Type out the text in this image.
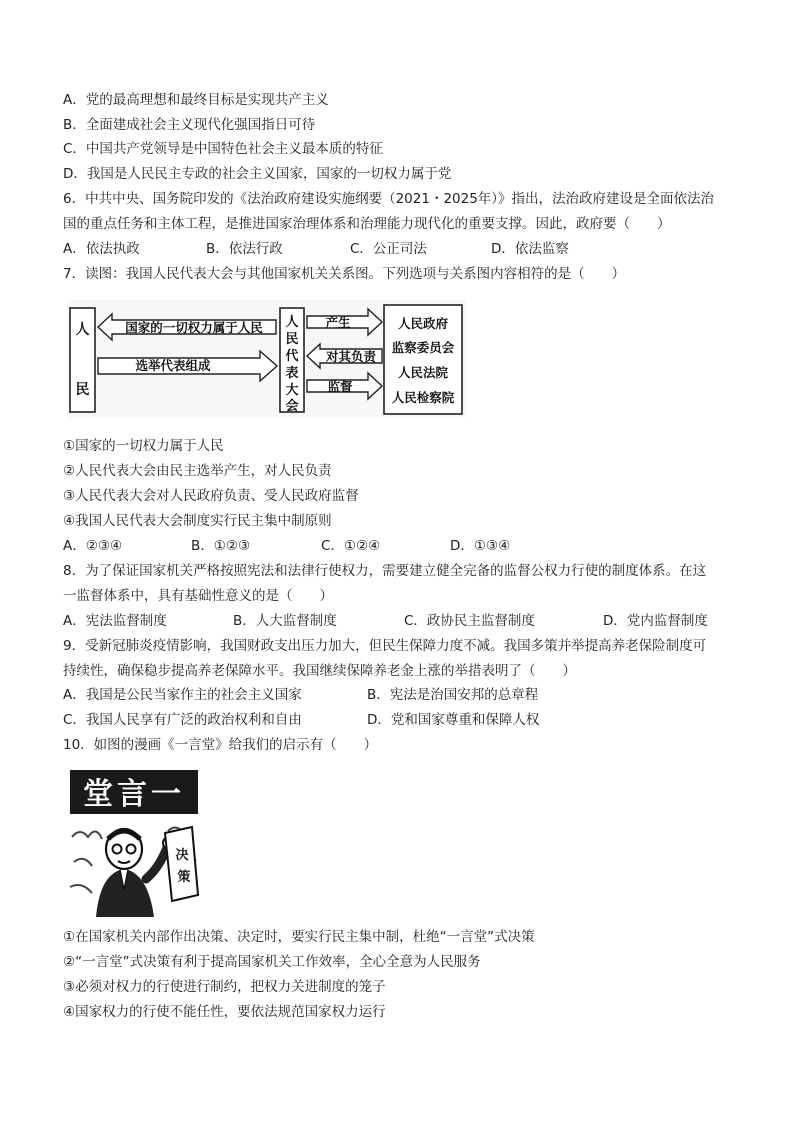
A．党的最高理想和最终目标是实现共产主义
B．全面建成社会主义现代化强国指日可待
C．中国共产党领导是中国特色社会主义最本质的特征
D．我国是人民民主专政的社会主义国家，国家的一切权力属于党
6．中共中央、国务院印发的《法治政府建设实施纲要（2021・2025年）》指出，法治政府建设是全面依法治
国的重点任务和主体工程，是推进国家治理体系和治理能力现代化的重要支撑。因此，政府要（　　）
A．依法执政	B．依法行政	C．公正司法	D．依法监察
7．读图：我国人民代表大会与其他国家机关关系图。下列选项与关系图内容相符的是（　　）
人
民
国家的一切权力属于人民
选举代表组成
人
民
代
表
大
会
产生
对其负责
监督
人民政府
监察委员会
人民法院
人民检察院
①国家的一切权力属于人民
②人民代表大会由民主选举产生，对人民负责
③人民代表大会对人民政府负责、受人民政府监督
④我国人民代表大会制度实行民主集中制原则
A．②③④	B．①②③	C．①②④	D．①③④
8．为了保证国家机关严格按照宪法和法律行使权力，需要建立健全完备的监督公权力行使的制度体系。在这
一监督体系中，具有基础性意义的是（　　）
A．宪法监督制度	B．人大监督制度	C．政协民主监督制度	D．党内监督制度
9．受新冠肺炎疫情影响，我国财政支出压力加大，但民生保障力度不减。我国多策并举提高养老保险制度可
持续性，确保稳步提高养老保障水平。我国继续保障养老金上涨的举措表明了（　　）
A．我国是公民当家作主的社会主义国家	B．宪法是治国安邦的总章程
C．我国人民享有广泛的政治权利和自由	D．党和国家尊重和保障人权
10．如图的漫画《一言堂》给我们的启示有（　　）
堂言一
决
策
①在国家机关内部作出决策、决定时，要实行民主集中制，杜绝“一言堂”式决策
②“一言堂”式决策有利于提高国家机关工作效率，全心全意为人民服务
③必须对权力的行使进行制约，把权力关进制度的笼子
④国家权力的行使不能任性，要依法规范国家权力运行
